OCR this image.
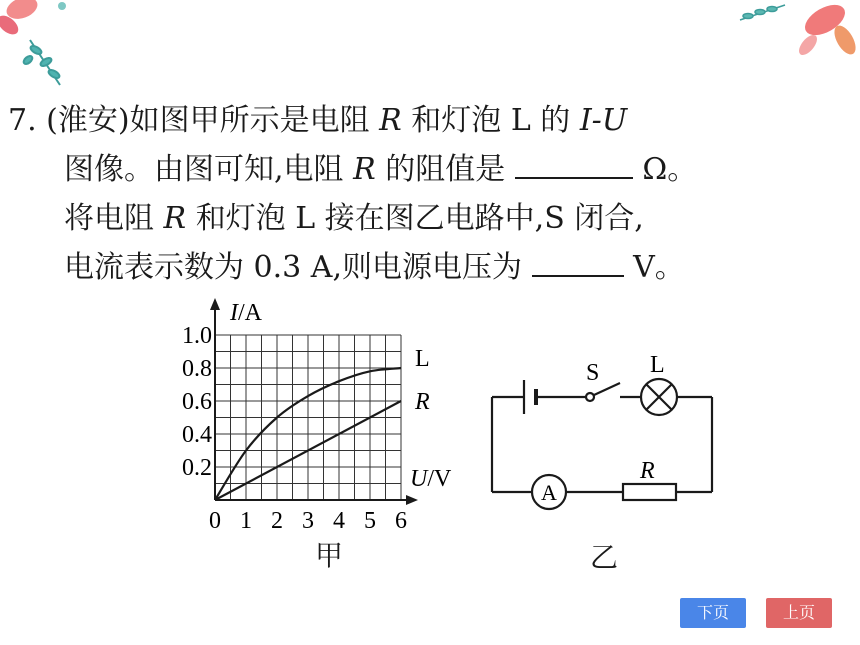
7. (淮安)如图甲所示是电阻 R 和灯泡 L 的 I-U
图像。由图可知,电阻 R 的阻值是	Ω。
将电阻 R 和灯泡 L 接在图乙电路中,S 闭合,
电流表示数为 0.3 A,则电源电压为	V。
0 1 2 3 4 5 6
0.2
0.4
0.6
0.8
1.0
L
R
I/A
U/V
甲
S L
R
A
乙
下页	上页
